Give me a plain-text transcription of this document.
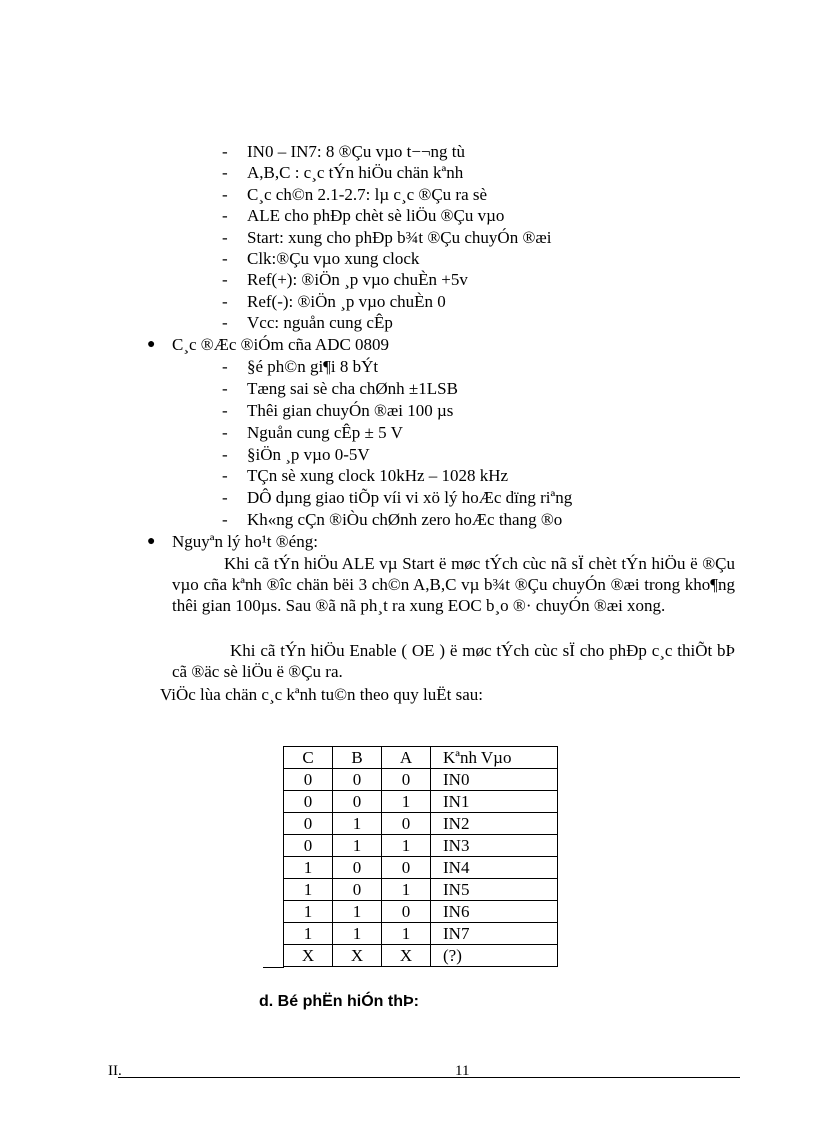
- IN0 – IN7: 8 ®Çu vµo t−¬ng tù
- A,B,C : c¸c tÝn hiÖu chän kªnh
- C¸c ch©n 2.1-2.7: lµ c¸c ®Çu ra sè
- ALE cho phÐp chèt sè liÖu ®Çu vµo
- Start: xung cho phÐp b¾t ®Çu chuyÓn ®æi
- Clk:®Çu vµo xung clock
- Ref(+): ®iÖn ¸p vµo chuÈn +5v
- Ref(-): ®iÖn ¸p vµo chuÈn 0
- Vcc: nguån cung cÊp
● C¸c ®Æc ®iÓm cña ADC 0809
- §é ph©n gi¶i 8 bÝt
- Tæng sai sè cha chØnh ±1LSB
- Thêi gian chuyÓn ®æi 100 µs
- Nguån cung cÊp ± 5 V
- §iÖn ¸p vµo 0-5V
- TÇn sè xung clock 10kHz – 1028 kHz
- DÔ dµng giao tiÕp víi vi xö lý hoÆc dïng riªng
- Kh«ng cÇn ®iÒu chØnh zero hoÆc thang ®o
● Nguyªn lý ho¹t ®éng:
Khi cã tÝn hiÖu ALE vµ Start ë møc tÝch cùc nã sÏ chèt tÝn hiÖu ë ®Çu vµo cña kªnh ®îc chän bëi 3 ch©n A,B,C vµ b¾t ®Çu chuyÓn ®æi trong kho¶ng thêi gian 100µs. Sau ®ã nã ph¸t ra xung EOC b¸o ®· chuyÓn ®æi xong.
Khi cã tÝn hiÖu Enable ( OE ) ë møc tÝch cùc sÏ cho phÐp c¸c thiÕt bÞ cã ®äc sè liÖu ë ®Çu ra.
ViÖc lùa chän c¸c kªnh tu©n theo quy luËt sau:
C	B	A	Kªnh Vµo
0	0	0	IN0
0	0	1	IN1
0	1	0	IN2
0	1	1	IN3
1	0	0	IN4
1	0	1	IN5
1	1	0	IN6
1	1	1	IN7
X	X	X	(?)
d. Bé phËn hiÓn thÞ:
II.	11
